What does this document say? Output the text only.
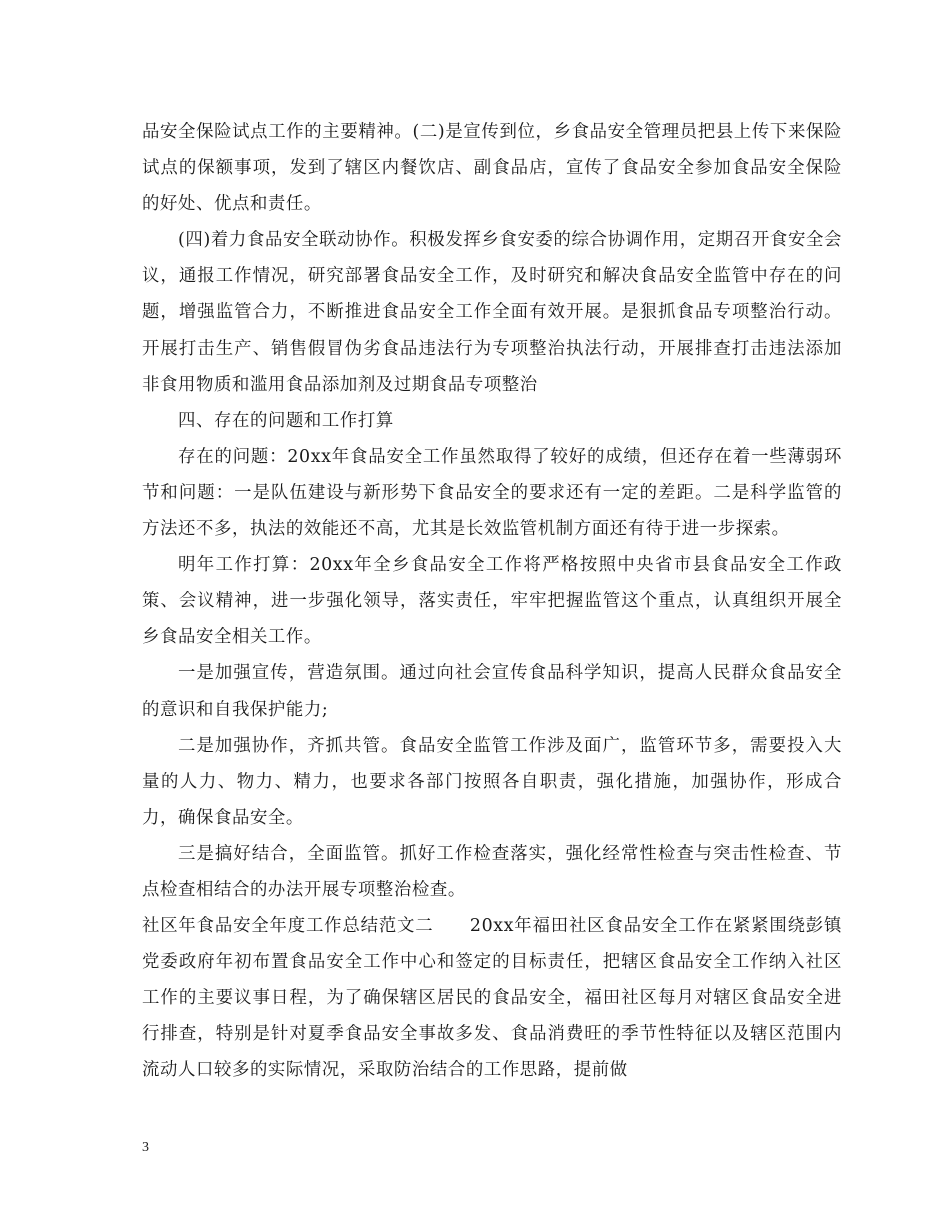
品安全保险试点工作的主要精神。(二)是宣传到位，乡食品安全管理员把县上传下来保险试点的保额事项，发到了辖区内餐饮店、副食品店，宣传了食品安全参加食品安全保险的好处、优点和责任。

(四)着力食品安全联动协作。积极发挥乡食安委的综合协调作用，定期召开食安全会议，通报工作情况，研究部署食品安全工作，及时研究和解决食品安全监管中存在的问题，增强监管合力，不断推进食品安全工作全面有效开展。是狠抓食品专项整治行动。开展打击生产、销售假冒伪劣食品违法行为专项整治执法行动，开展排查打击违法添加非食用物质和滥用食品添加剂及过期食品专项整治

四、存在的问题和工作打算

存在的问题：20xx年食品安全工作虽然取得了较好的成绩，但还存在着一些薄弱环节和问题：一是队伍建设与新形势下食品安全的要求还有一定的差距。二是科学监管的方法还不多，执法的效能还不高，尤其是长效监管机制方面还有待于进一步探索。

明年工作打算：20xx年全乡食品安全工作将严格按照中央省市县食品安全工作政策、会议精神，进一步强化领导，落实责任，牢牢把握监管这个重点，认真组织开展全乡食品安全相关工作。

一是加强宣传，营造氛围。通过向社会宣传食品科学知识，提高人民群众食品安全的意识和自我保护能力;

二是加强协作，齐抓共管。食品安全监管工作涉及面广，监管环节多，需要投入大量的人力、物力、精力，也要求各部门按照各自职责，强化措施，加强协作，形成合力，确保食品安全。

三是搞好结合，全面监管。抓好工作检查落实，强化经常性检查与突击性检查、节点检查相结合的办法开展专项整治检查。

社区年食品安全年度工作总结范文二　　20xx年福田社区食品安全工作在紧紧围绕彭镇党委政府年初布置食品安全工作中心和签定的目标责任，把辖区食品安全工作纳入社区工作的主要议事日程，为了确保辖区居民的食品安全，福田社区每月对辖区食品安全进行排查，特别是针对夏季食品安全事故多发、食品消费旺的季节性特征以及辖区范围内流动人口较多的实际情况，采取防治结合的工作思路，提前做

3
